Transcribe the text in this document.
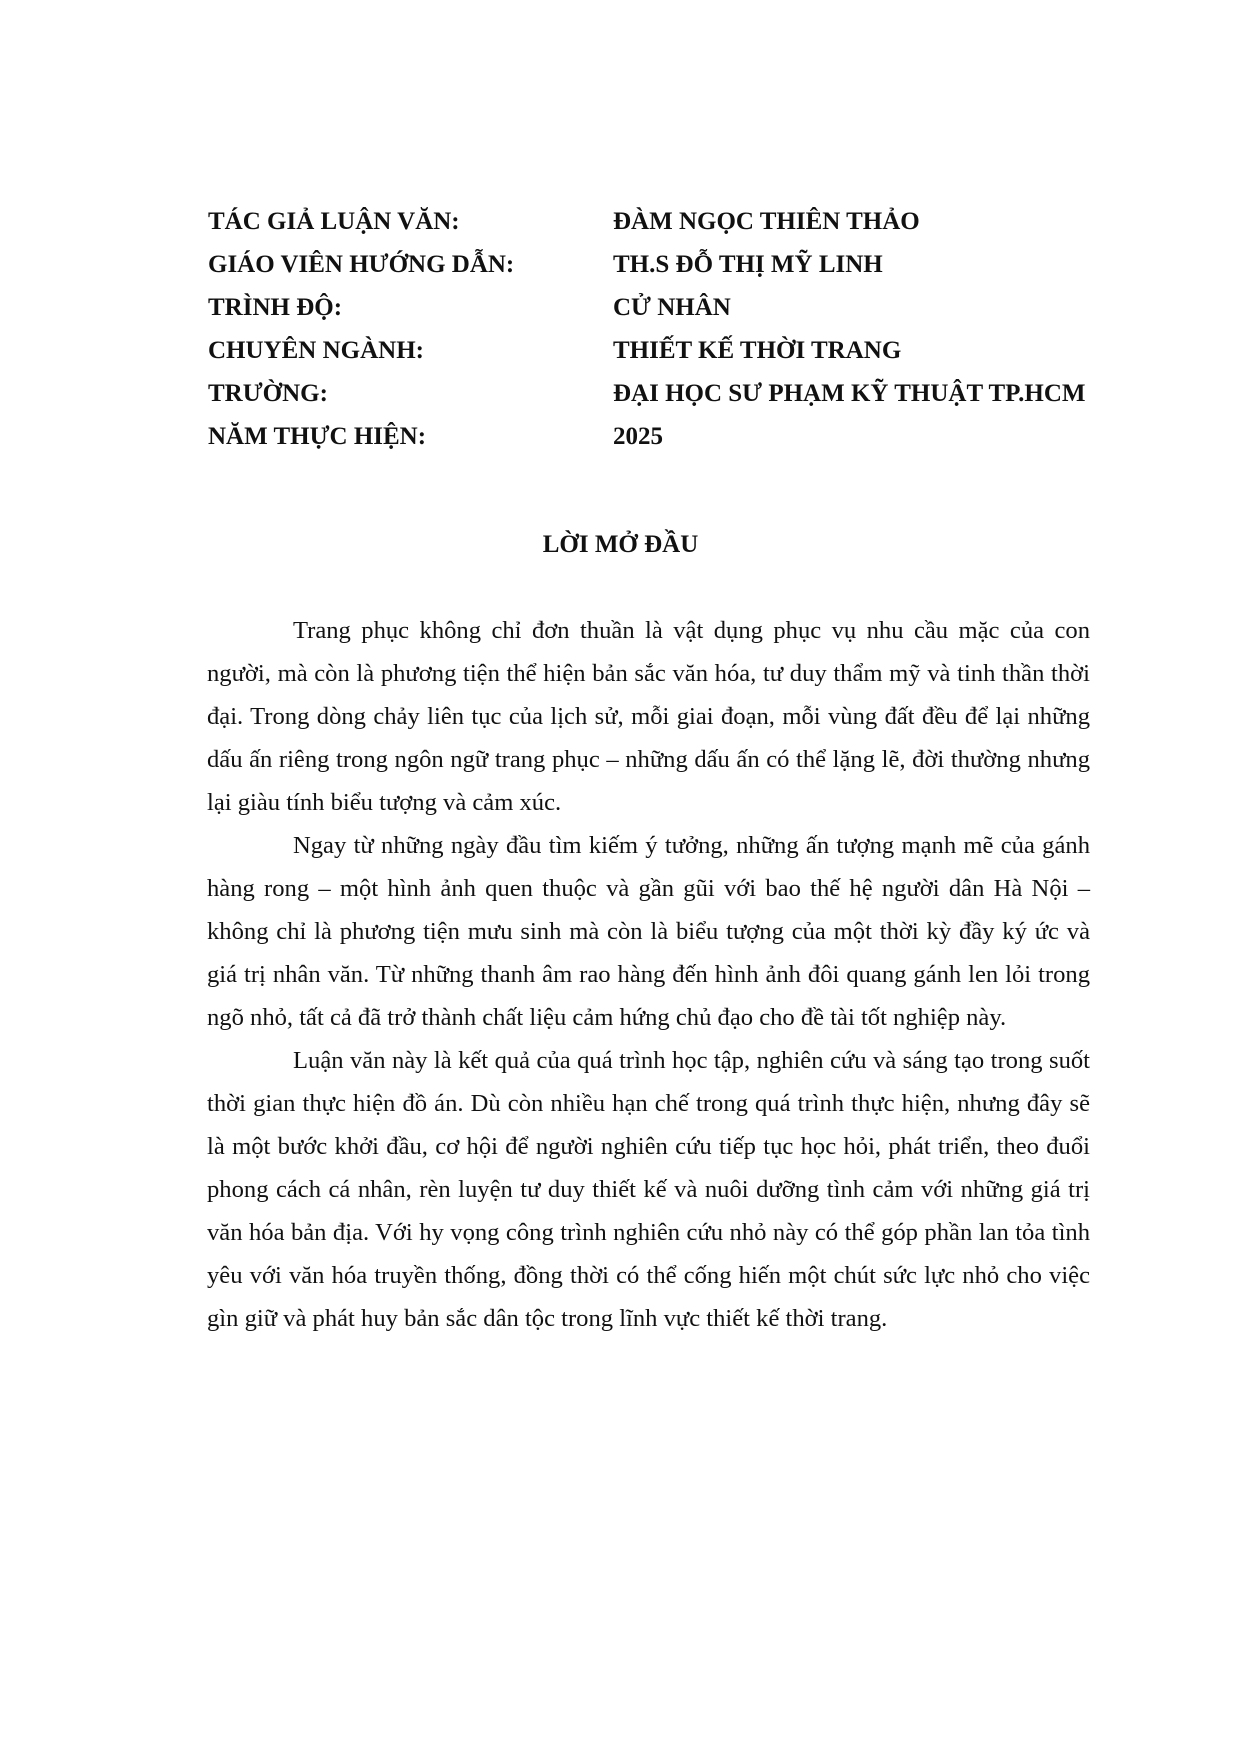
TÁC GIẢ LUẬN VĂN:	ĐÀM NGỌC THIÊN THẢO
GIÁO VIÊN HƯỚNG DẪN:	TH.S ĐỖ THỊ MỸ LINH
TRÌNH ĐỘ:	CỬ NHÂN
CHUYÊN NGÀNH:	THIẾT KẾ THỜI TRANG
TRƯỜNG:	ĐẠI HỌC SƯ PHẠM KỸ THUẬT TP.HCM
NĂM THỰC HIỆN:	2025
LỜI MỞ ĐẦU

Trang phục không chỉ đơn thuần là vật dụng phục vụ nhu cầu mặc của con người, mà còn là phương tiện thể hiện bản sắc văn hóa, tư duy thẩm mỹ và tinh thần thời đại. Trong dòng chảy liên tục của lịch sử, mỗi giai đoạn, mỗi vùng đất đều để lại những dấu ấn riêng trong ngôn ngữ trang phục – những dấu ấn có thể lặng lẽ, đời thường nhưng lại giàu tính biểu tượng và cảm xúc.

Ngay từ những ngày đầu tìm kiếm ý tưởng, những ấn tượng mạnh mẽ của gánh hàng rong – một hình ảnh quen thuộc và gần gũi với bao thế hệ người dân Hà Nội – không chỉ là phương tiện mưu sinh mà còn là biểu tượng của một thời kỳ đầy ký ức và giá trị nhân văn. Từ những thanh âm rao hàng đến hình ảnh đôi quang gánh len lỏi trong ngõ nhỏ, tất cả đã trở thành chất liệu cảm hứng chủ đạo cho đề tài tốt nghiệp này.

Luận văn này là kết quả của quá trình học tập, nghiên cứu và sáng tạo trong suốt thời gian thực hiện đồ án. Dù còn nhiều hạn chế trong quá trình thực hiện, nhưng đây sẽ là một bước khởi đầu, cơ hội để người nghiên cứu tiếp tục học hỏi, phát triển, theo đuổi phong cách cá nhân, rèn luyện tư duy thiết kế và nuôi dưỡng tình cảm với những giá trị văn hóa bản địa. Với hy vọng công trình nghiên cứu nhỏ này có thể góp phần lan tỏa tình yêu với văn hóa truyền thống, đồng thời có thể cống hiến một chút sức lực nhỏ cho việc gìn giữ và phát huy bản sắc dân tộc trong lĩnh vực thiết kế thời trang.
